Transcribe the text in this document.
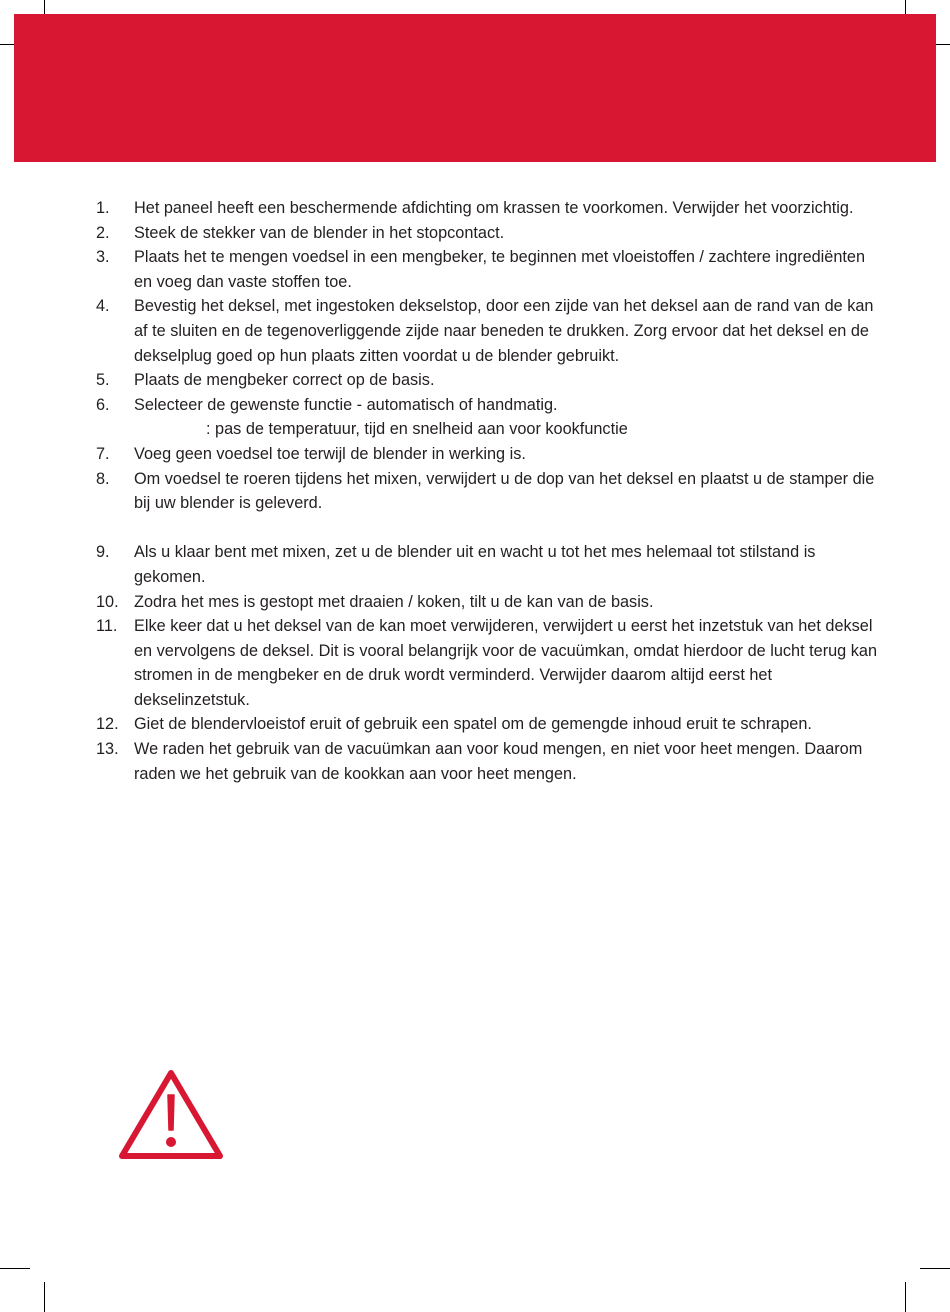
1. Het paneel heeft een beschermende afdichting om krassen te voorkomen. Verwijder het voorzichtig.
2. Steek de stekker van de blender in het stopcontact.
3. Plaats het te mengen voedsel in een mengbeker, te beginnen met vloeistoffen / zachtere ingrediënten en voeg dan vaste stoffen toe.
4. Bevestig het deksel, met ingestoken dekselstop, door een zijde van het deksel aan de rand van de kan af te sluiten en de tegenoverliggende zijde naar beneden te drukken. Zorg ervoor dat het deksel en de dekselplug goed op hun plaats zitten voordat u de blender gebruikt.
5. Plaats de mengbeker correct op de basis.
6. Selecteer de gewenste functie - automatisch of handmatig.
: pas de temperatuur, tijd en snelheid aan voor kookfunctie
7. Voeg geen voedsel toe terwijl de blender in werking is.
8. Om voedsel te roeren tijdens het mixen, verwijdert u de dop van het deksel en plaatst u de stamper die bij uw blender is geleverd.
9. Als u klaar bent met mixen, zet u de blender uit en wacht u tot het mes helemaal tot stilstand is gekomen.
10. Zodra het mes is gestopt met draaien / koken, tilt u de kan van de basis.
11. Elke keer dat u het deksel van de kan moet verwijderen, verwijdert u eerst het inzetstuk van het deksel en vervolgens de deksel. Dit is vooral belangrijk voor de vacuümkan, omdat hierdoor de lucht terug kan stromen in de mengbeker en de druk wordt verminderd. Verwijder daarom altijd eerst het dekselinzetstuk.
12. Giet de blendervloeistof eruit of gebruik een spatel om de gemengde inhoud eruit te schrapen.
13. We raden het gebruik van de vacuümkan aan voor koud mengen, en niet voor heet mengen. Daarom raden we het gebruik van de kookkan aan voor heet mengen.
